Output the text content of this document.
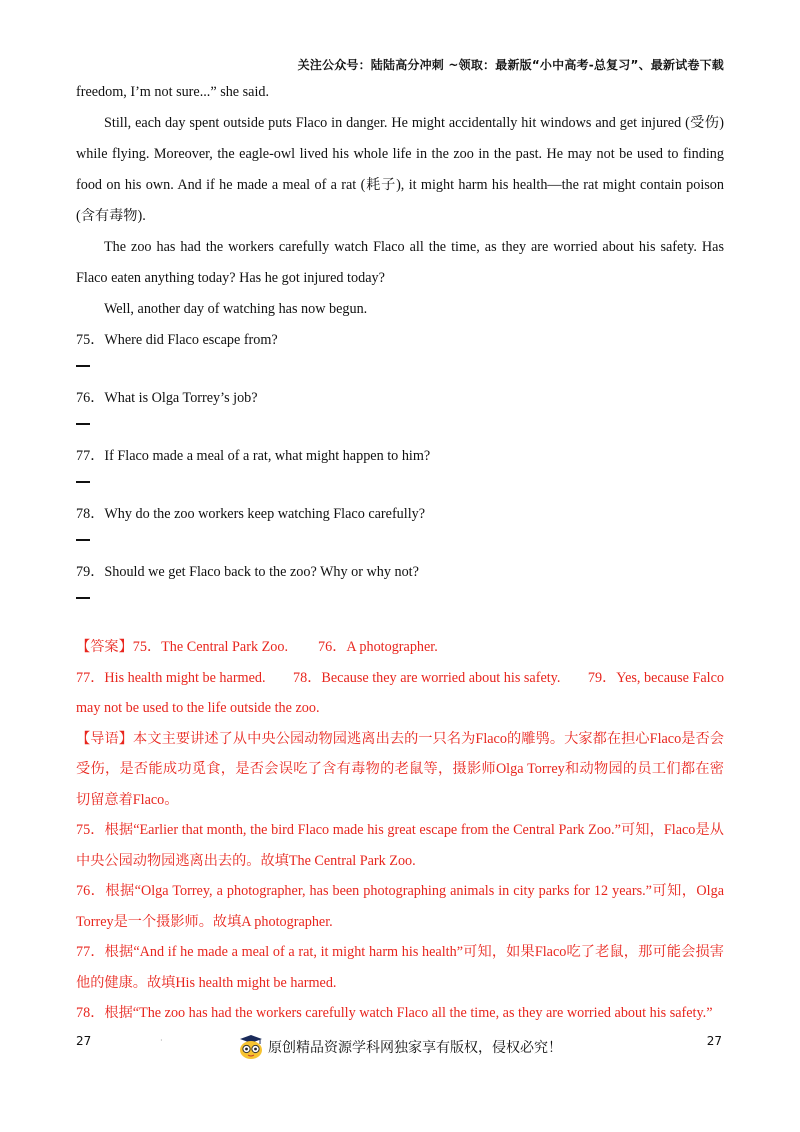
关注公众号：陆陆高分冲刺 ~领取：最新版“小中高考-总复习”、最新试卷下载

freedom, I’m not sure...” she said.

Still, each day spent outside puts Flaco in danger. He might accidentally hit windows and get injured (受伤) while flying. Moreover, the eagle-owl lived his whole life in the zoo in the past. He may not be used to finding food on his own. And if he made a meal of a rat (耗子), it might harm his health—the rat might contain poison (含有毒物).

The zoo has had the workers carefully watch Flaco all the time, as they are worried about his safety. Has Flaco eaten anything today? Has he got injured today?

Well, another day of watching has now begun.

75．Where did Flaco escape from?
76．What is Olga Torrey’s job?
77．If Flaco made a meal of a rat, what might happen to him?
78．Why do the zoo workers keep watching Flaco carefully?
79．Should we get Flaco back to the zoo? Why or why not?

【答案】75．The Central Park Zoo. 76．A photographer.

77．His health might be harmed. 78．Because they are worried about his safety. 79．Yes, because Falco

may not be used to the life outside the zoo.

【导语】本文主要讲述了从中央公园动物园逃离出去的一只名为Flaco的雕鸮。大家都在担心Flaco是否会受伤，是否能成功觅食，是否会误吃了含有毒物的老鼠等，摄影师Olga Torrey和动物园的员工们都在密切留意着Flaco。

75．根据“Earlier that month, the bird Flaco made his great escape from the Central Park Zoo.”可知，Flaco是从中央公园动物园逃离出去的。故填The Central Park Zoo.

76．根据“Olga Torrey, a photographer, has been photographing animals in city parks for 12 years.”可知，Olga Torrey是一个摄影师。故填A photographer.

77．根据“And if he made a meal of a rat, it might harm his health”可知，如果Flaco吃了老鼠，那可能会损害他的健康。故填His health might be harmed.

78．根据“The zoo has had the workers carefully watch Flaco all the time, as they are worried about his safety.”

27	·	原创精品资源学科网独家享有版权，侵权必究！	27
